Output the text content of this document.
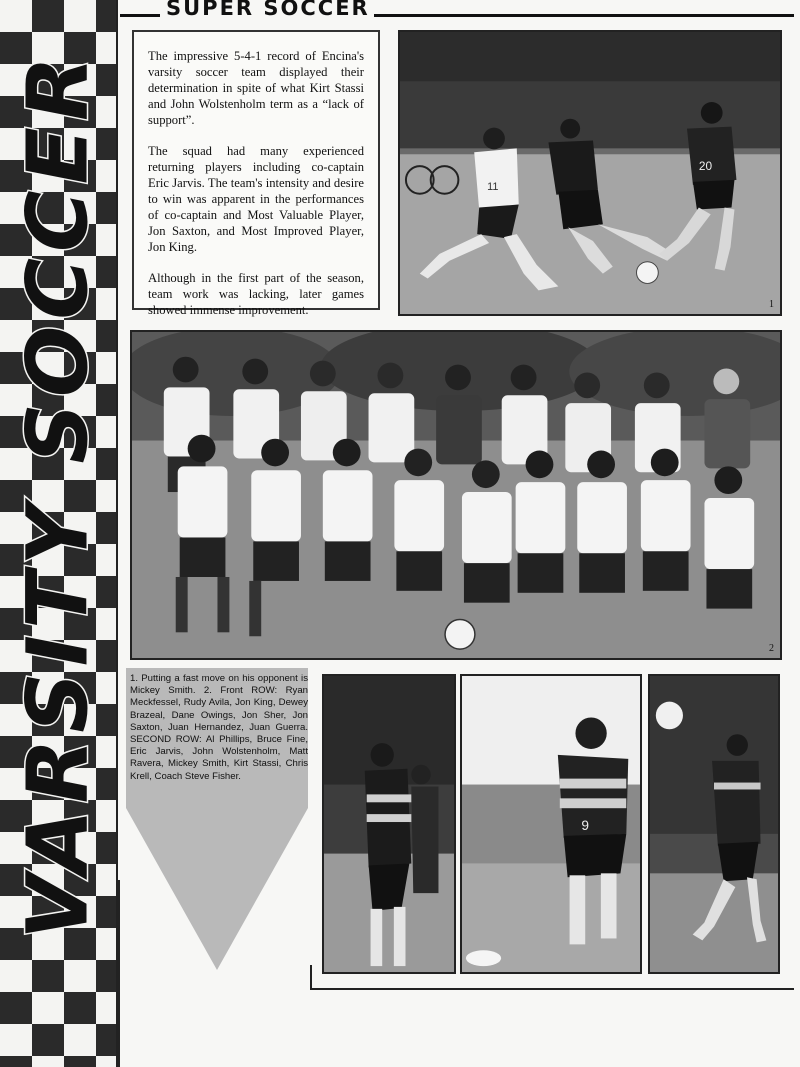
VARSITY SOCCER
SUPER SOCCER

The impressive 5-4-1 record of Encina's varsity soccer team displayed their determination in spite of what Kirt Stassi and John Wolstenholm term as a “lack of support”.

The squad had many experienced returning players including co-captain Eric Jarvis. The team's intensity and desire to win was apparent in the performances of co-captain and Most Valuable Player, Jon Saxton, and Most Improved Player, Jon King.

Although in the first part of the season, team work was lacking, later games showed immense improvement.

20
11
1
2

1. Putting a fast move on his opponent is Mickey Smith. 2. Front ROW: Ryan Meckfessel, Rudy Avila, Jon King, Dewey Brazeal, Dane Owings, Jon Sher, Jon Saxton, Juan Hernandez, Juan Guerra. SECOND ROW: Al Phillips, Bruce Fine, Eric Jarvis, John Wolstenholm, Matt Ravera, Mickey Smith, Kirt Stassi, Chris Krell, Coach Steve Fisher.

9
